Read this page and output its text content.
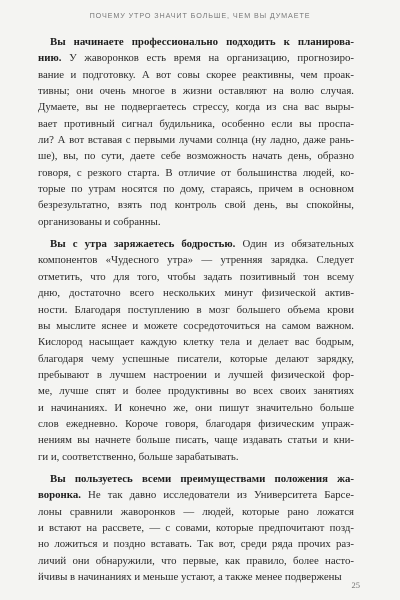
ПОЧЕМУ УТРО ЗНАЧИТ БОЛЬШЕ, ЧЕМ ВЫ ДУМАЕТЕ
Вы начинаете профессионально подходить к планирова-
нию. У жаворонков есть время на организацию, прогнозиро-
вание и подготовку. А вот совы скорее реактивны, чем проак-
тивны; они очень многое в жизни оставляют на волю случая.
Думаете, вы не подвергаетесь стрессу, когда из сна вас выры-
вает противный сигнал будильника, особенно если вы проспа-
ли? А вот вставая с первыми лучами солнца (ну ладно, даже рань-
ше), вы, по сути, даете себе возможность начать день, образно
говоря, с резкого старта. В отличие от большинства людей, ко-
торые по утрам носятся по дому, стараясь, причем в основном
безрезультатно, взять под контроль свой день, вы спокойны,
организованы и собранны.
Вы с утра заряжаетесь бодростью. Один из обязательных
компонентов «Чудесного утра» — утренняя зарядка. Следует
отметить, что для того, чтобы задать позитивный тон всему
дню, достаточно всего нескольких минут физической актив-
ности. Благодаря поступлению в мозг большего объема крови
вы мыслите яснее и можете сосредоточиться на самом важном.
Кислород насыщает каждую клетку тела и делает вас бодрым,
благодаря чему успешные писатели, которые делают зарядку,
пребывают в лучшем настроении и лучшей физической фор-
ме, лучше спят и более продуктивны во всех своих занятиях
и начинаниях. И конечно же, они пишут значительно больше
слов ежедневно. Короче говоря, благодаря физическим упраж-
нениям вы начнете больше писать, чаще издавать статьи и кни-
ги и, соответственно, больше зарабатывать.
Вы пользуетесь всеми преимуществами положения жа-
воронка. Не так давно исследователи из Университета Барсе-
лоны сравнили жаворонков — людей, которые рано ложатся
и встают на рассвете, — с совами, которые предпочитают позд-
но ложиться и поздно вставать. Так вот, среди ряда прочих раз-
личий они обнаружили, что первые, как правило, более насто-
йчивы в начинаниях и меньше устают, а также менее подвержены
25
